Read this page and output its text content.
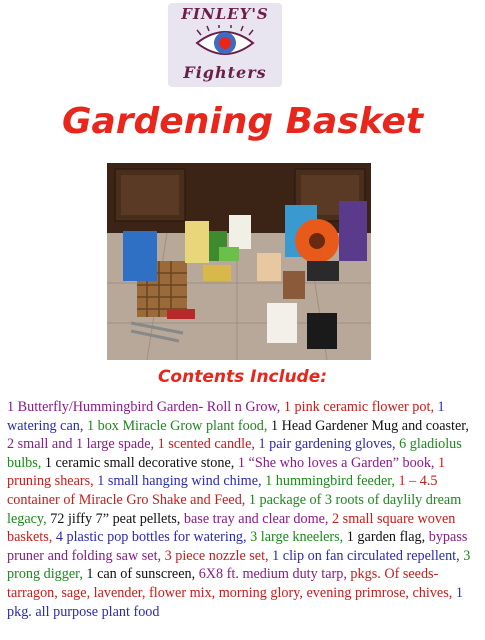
FINLEY'S
Fighters
Gardening Basket
Contents Include:

1 Butterfly/Hummingbird Garden- Roll n Grow, 1 pink ceramic flower pot, 1 watering can, 1 box Miracle Grow plant food, 1 Head Gardener Mug and coaster, 2 small and 1 large spade, 1 scented candle, 1 pair gardening gloves, 6 gladiolus bulbs, 1 ceramic small decorative stone, 1 “She who loves a Garden” book, 1 pruning shears, 1 small hanging wind chime, 1 hummingbird feeder, 1 – 4.5 container of Miracle Gro Shake and Feed, 1 package of 3 roots of daylily dream legacy, 72 jiffy 7” peat pellets, base tray and clear dome, 2 small square woven baskets, 4 plastic pop bottles for watering, 3 large kneelers, 1 garden flag, bypass pruner and folding saw set, 3 piece nozzle set, 1 clip on fan circulated repellent, 3 prong digger, 1 can of sunscreen, 6X8 ft. medium duty tarp, pkgs. Of seeds- tarragon, sage, lavender, flower mix, morning glory, evening primrose, chives, 1 pkg. all purpose plant food
